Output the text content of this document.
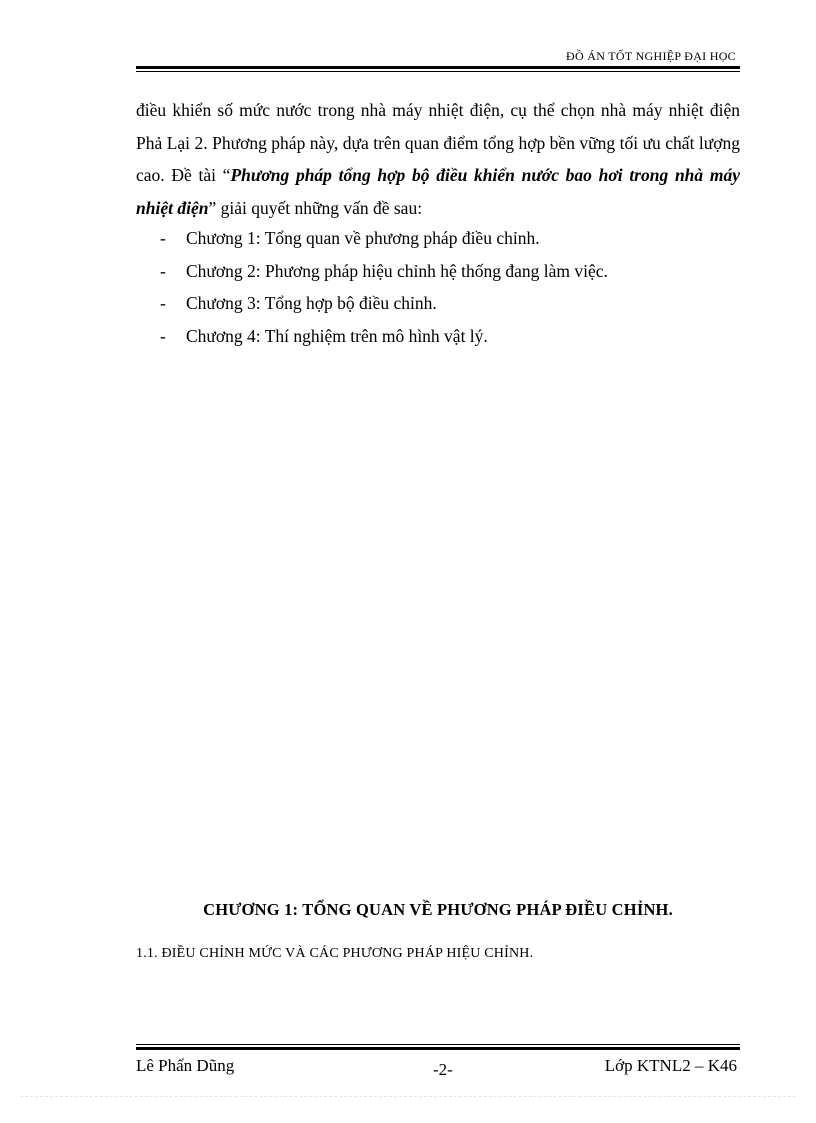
ĐỒ ÁN TỐT NGHIỆP ĐẠI HỌC

điều khiển số mức nước trong nhà máy nhiệt điện, cụ thể chọn nhà máy nhiệt điện Phả Lại 2. Phương pháp này, dựa trên quan điểm tổng hợp bền vững tối ưu chất lượng cao. Đề tài “Phương pháp tổng hợp bộ điều khiển nước bao hơi trong nhà máy nhiệt điện” giải quyết những vấn đề sau:

- Chương 1: Tổng quan về phương pháp điều chỉnh.
- Chương 2: Phương pháp hiệu chỉnh hệ thống đang làm việc.
- Chương 3: Tổng hợp bộ điều chỉnh.
- Chương 4: Thí nghiệm trên mô hình vật lý.
CHƯƠNG 1: TỔNG QUAN VỀ PHƯƠNG PHÁP ĐIỀU CHỈNH.
1.1. ĐIỀU CHỈNH MỨC VÀ CÁC PHƯƠNG PHÁP HIỆU CHỈNH.
Lê Phấn Dũng	-2-	Lớp KTNL2 – K46
